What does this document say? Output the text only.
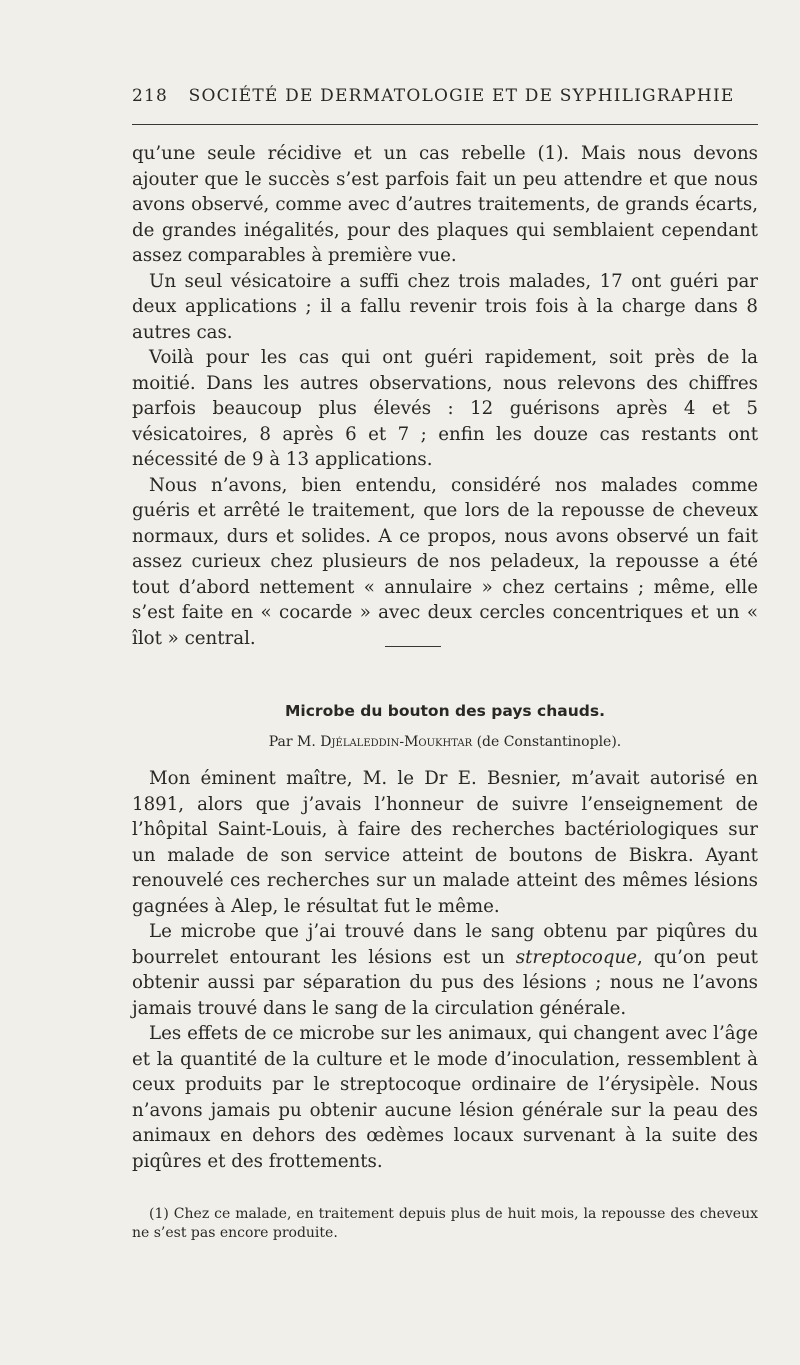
218 SOCIÉTÉ DE DERMATOLOGIE ET DE SYPHILIGRAPHIE

qu’une seule récidive et un cas rebelle (1). Mais nous devons ajouter que le succès s’est parfois fait un peu attendre et que nous avons observé, comme avec d’autres traitements, de grands écarts, de grandes inégalités, pour des plaques qui semblaient cependant assez comparables à première vue.

Un seul vésicatoire a suffi chez trois malades, 17 ont guéri par deux applications ; il a fallu revenir trois fois à la charge dans 8 autres cas.

Voilà pour les cas qui ont guéri rapidement, soit près de la moitié. Dans les autres observations, nous relevons des chiffres parfois beaucoup plus élevés : 12 guérisons après 4 et 5 vésicatoires, 8 après 6 et 7 ; enfin les douze cas restants ont nécessité de 9 à 13 applications.

Nous n’avons, bien entendu, considéré nos malades comme guéris et arrêté le traitement, que lors de la repousse de cheveux normaux, durs et solides. A ce propos, nous avons observé un fait assez curieux chez plusieurs de nos peladeux, la repousse a été tout d’abord nettement « annulaire » chez certains ; même, elle s’est faite en « cocarde » avec deux cercles concentriques et un « îlot » central.

Microbe du bouton des pays chauds.
Par M. Djélaleddin-Moukhtar (de Constantinople).

Mon éminent maître, M. le Dr E. Besnier, m’avait autorisé en 1891, alors que j’avais l’honneur de suivre l’enseignement de l’hôpital Saint-Louis, à faire des recherches bactériologiques sur un malade de son service atteint de boutons de Biskra. Ayant renouvelé ces recherches sur un malade atteint des mêmes lésions gagnées à Alep, le résultat fut le même.

Le microbe que j’ai trouvé dans le sang obtenu par piqûres du bourrelet entourant les lésions est un streptocoque, qu’on peut obtenir aussi par séparation du pus des lésions ; nous ne l’avons jamais trouvé dans le sang de la circulation générale.

Les effets de ce microbe sur les animaux, qui changent avec l’âge et la quantité de la culture et le mode d’inoculation, ressemblent à ceux produits par le streptocoque ordinaire de l’érysipèle. Nous n’avons jamais pu obtenir aucune lésion générale sur la peau des animaux en dehors des œdèmes locaux survenant à la suite des piqûres et des frottements.

(1) Chez ce malade, en traitement depuis plus de huit mois, la repousse des cheveux ne s’est pas encore produite.
